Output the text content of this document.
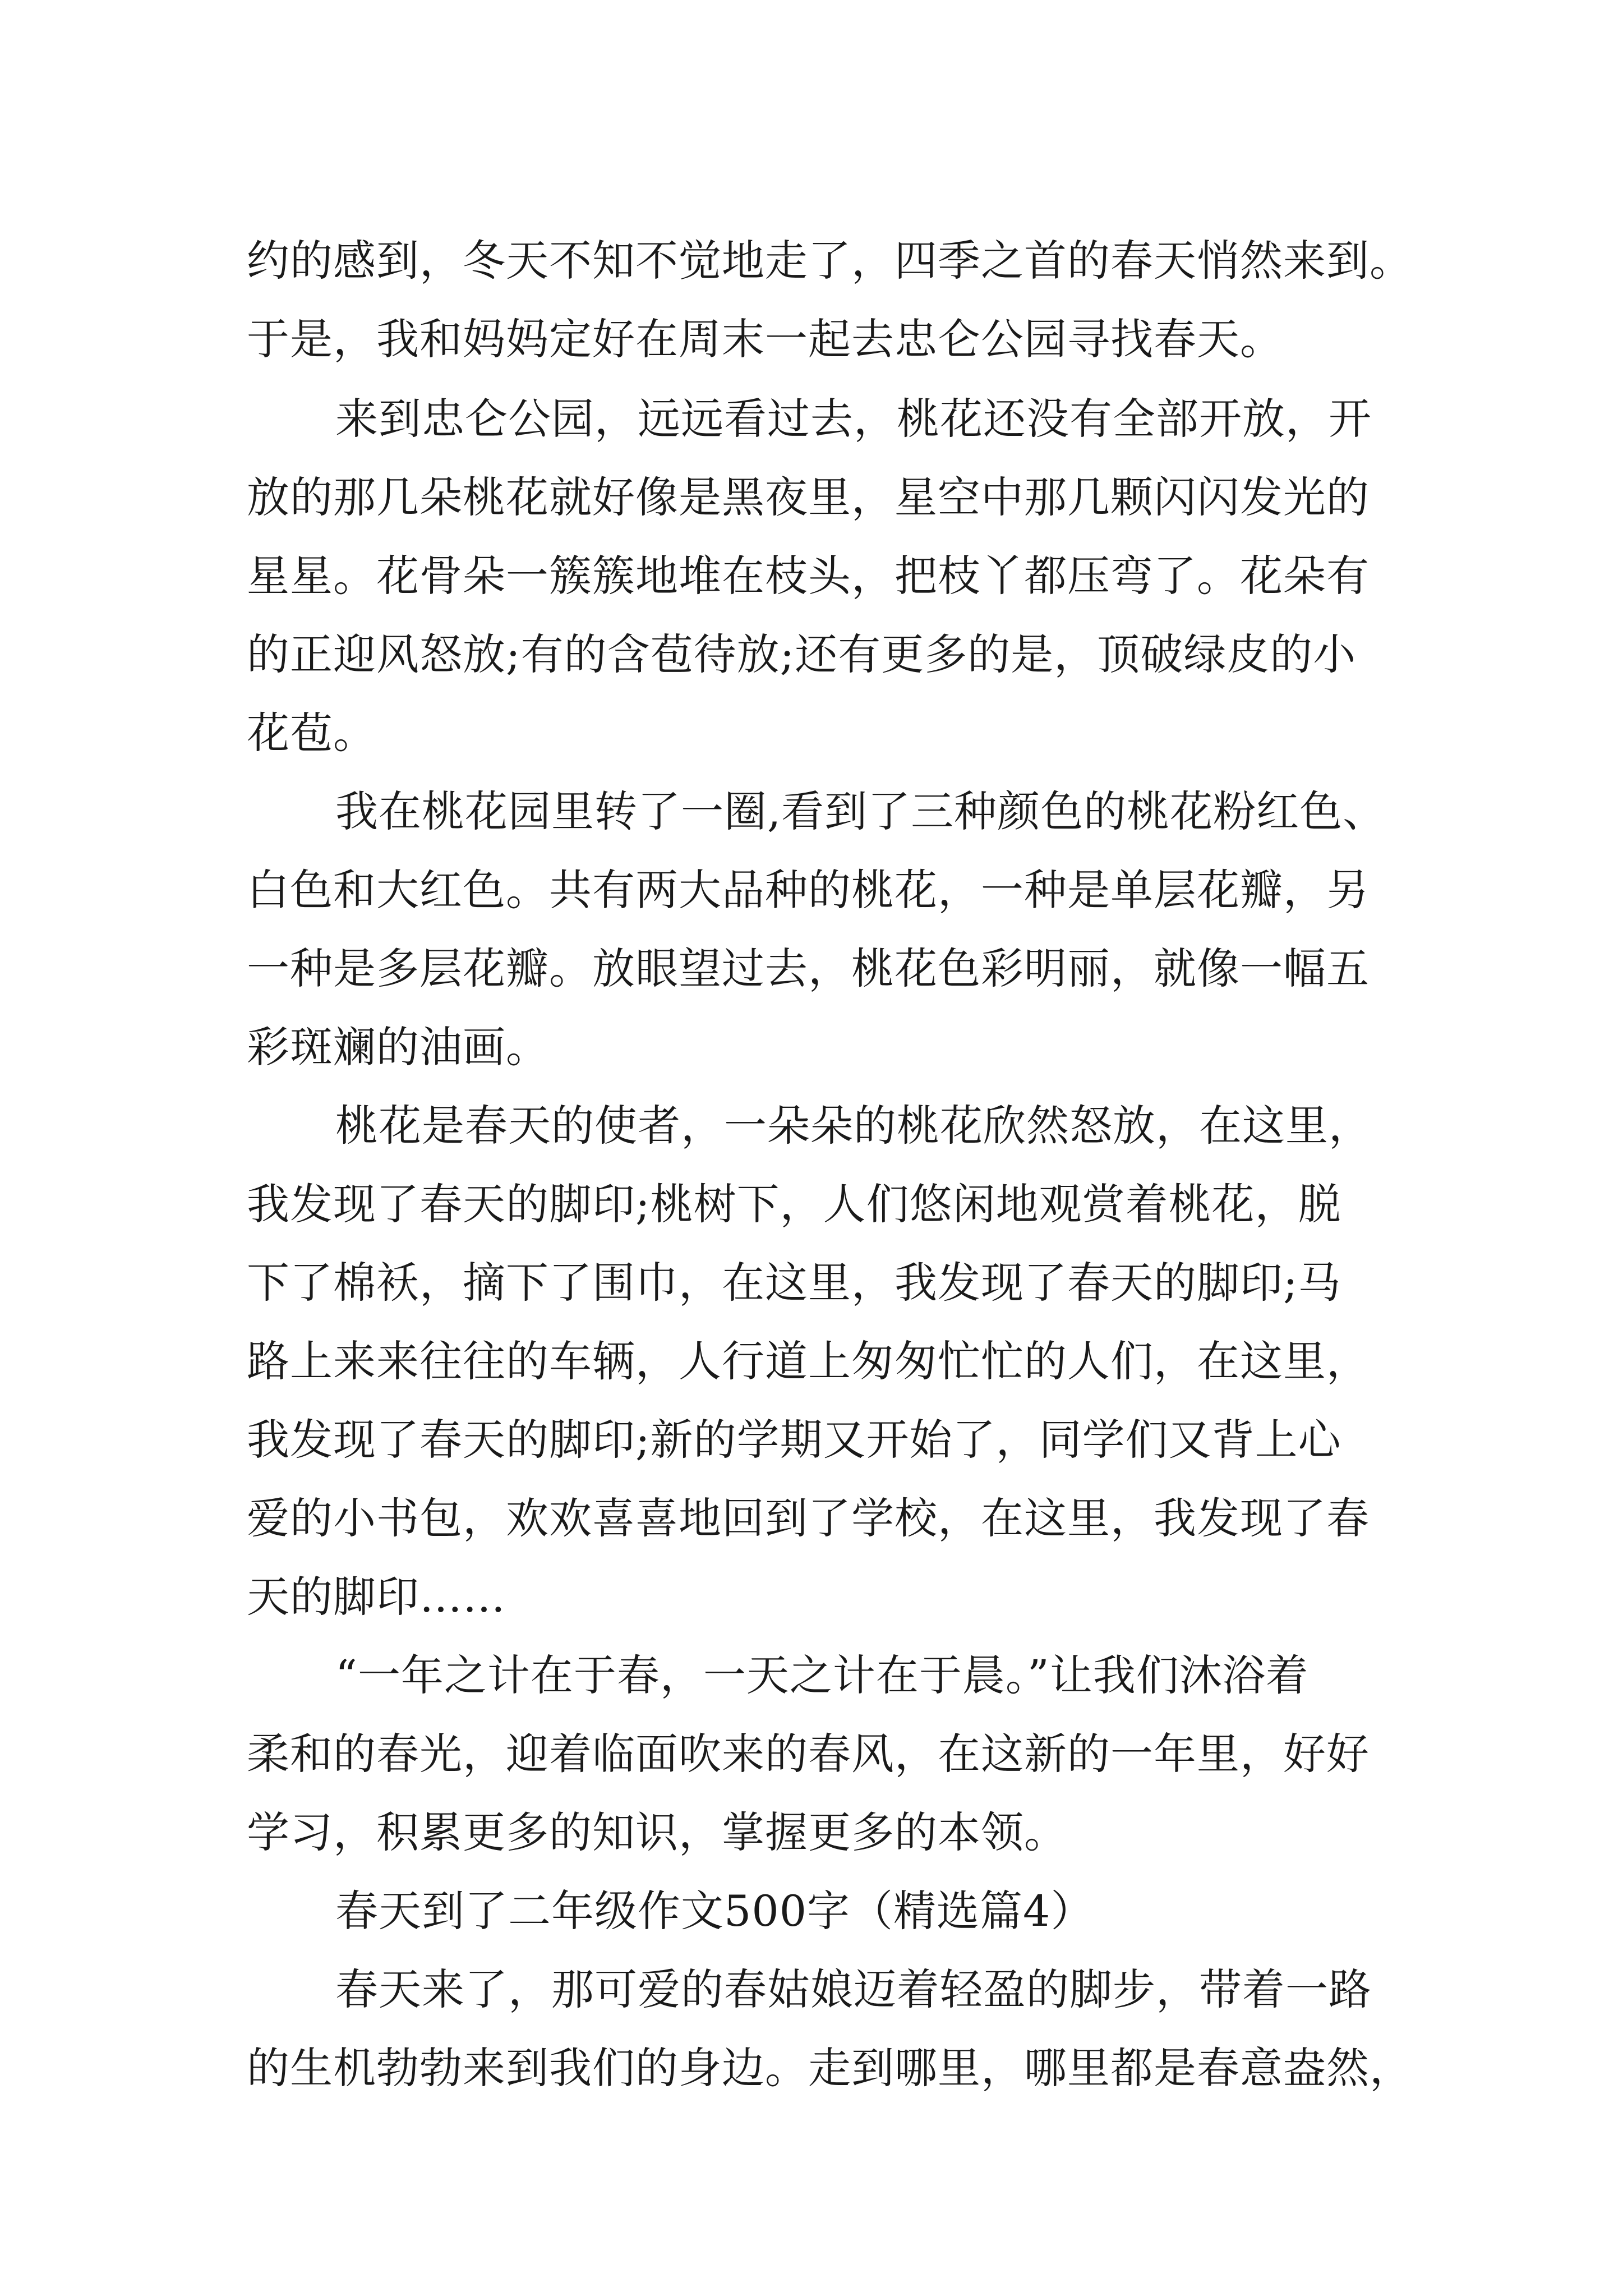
约的感到，冬天不知不觉地走了，四季之首的春天悄然来到。
于是，我和妈妈定好在周末一起去忠仑公园寻找春天。
来到忠仑公园，远远看过去，桃花还没有全部开放，开
放的那几朵桃花就好像是黑夜里，星空中那几颗闪闪发光的
星星。花骨朵一簇簇地堆在枝头，把枝丫都压弯了。花朵有
的正迎风怒放;有的含苞待放;还有更多的是，顶破绿皮的小
花苞。
我在桃花园里转了一圈,看到了三种颜色的桃花粉红色、
白色和大红色。共有两大品种的桃花，一种是单层花瓣，另
一种是多层花瓣。放眼望过去，桃花色彩明丽，就像一幅五
彩斑斓的油画。
桃花是春天的使者，一朵朵的桃花欣然怒放，在这里，
我发现了春天的脚印;桃树下，人们悠闲地观赏着桃花，脱
下了棉袄，摘下了围巾，在这里，我发现了春天的脚印;马
路上来来往往的车辆，人行道上匆匆忙忙的人们，在这里，
我发现了春天的脚印;新的学期又开始了，同学们又背上心
爱的小书包，欢欢喜喜地回到了学校，在这里，我发现了春
天的脚印……
“一年之计在于春，一天之计在于晨。”让我们沐浴着
柔和的春光，迎着临面吹来的春风，在这新的一年里，好好
学习，积累更多的知识，掌握更多的本领。
春天到了二年级作文500字（精选篇4）
春天来了，那可爱的春姑娘迈着轻盈的脚步，带着一路
的生机勃勃来到我们的身边。走到哪里，哪里都是春意盎然，
